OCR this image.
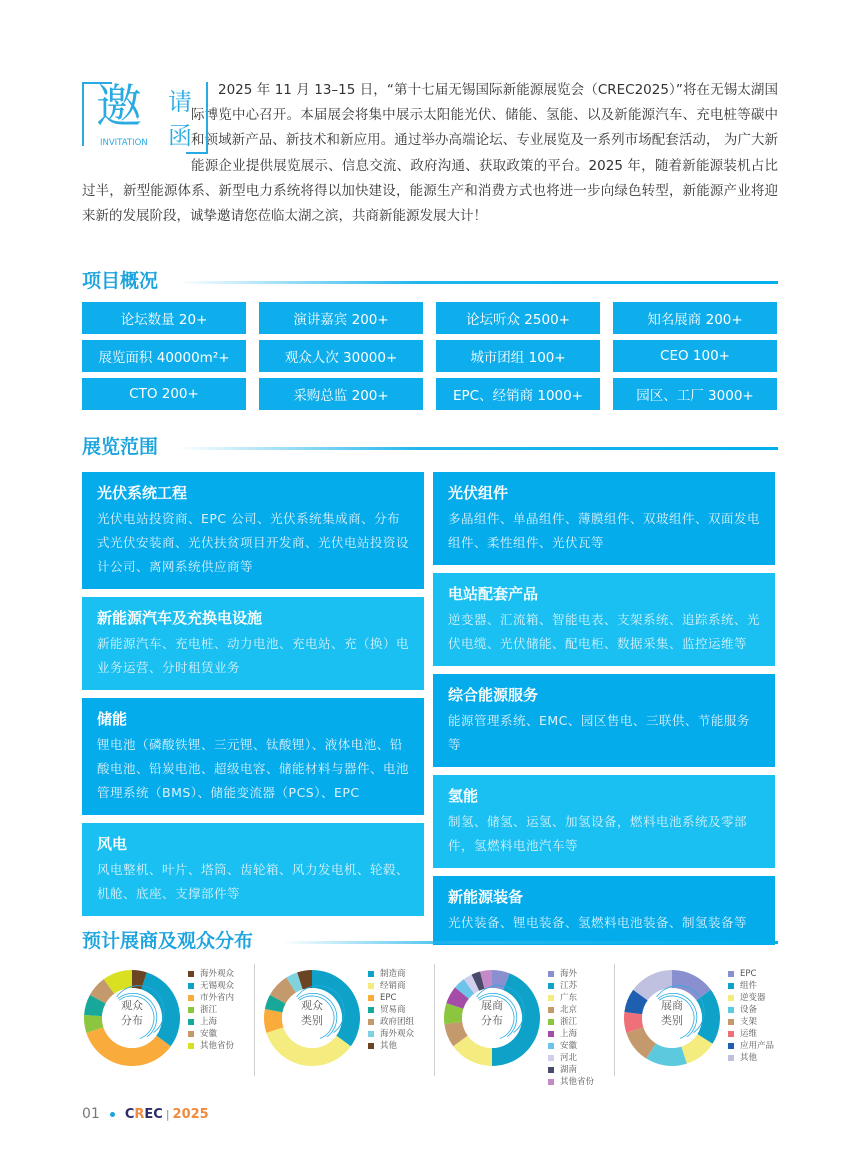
邀 请
函
INVITATION

2025 年 11 月 13–15 日，“第十七届无锡国际新能源展览会（CREC2025）”将在无锡太湖国际博览中心召开。本届展会将集中展示太阳能光伏、储能、氢能、以及新能源汽车、充电桩等碳中和领域新产品、新技术和新应用。通过举办高端论坛、专业展览及一系列市场配套活动， 为广大新能源企业提供展览展示、信息交流、政府沟通、获取政策的平台。2025 年，随着新能源装机占比过半，新型能源体系、新型电力系统将得以加快建设，能源生产和消费方式也将进一步向绿色转型，新能源产业将迎来新的发展阶段，诚挚邀请您莅临太湖之滨，共商新能源发展大计！

项目概况
论坛数量 20+	演讲嘉宾 200+	论坛听众 2500+	知名展商 200+
展览面积 40000m²+	观众人次 30000+	城市团组 100+	CEO 100+
CTO 200+	采购总监 200+	EPC、经销商 1000+	园区、工厂 3000+
展览范围
光伏系统工程
光伏电站投资商、EPC 公司、光伏系统集成商、分布式光伏安装商、光伏扶贫项目开发商、光伏电站投资设计公司、离网系统供应商等
新能源汽车及充换电设施
新能源汽车、充电桩、动力电池、充电站、充（换）电业务运营、分时租赁业务
储能
锂电池（磷酸铁锂、三元锂、钛酸锂）、液体电池、铅酸电池、铅炭电池、超级电容、储能材料与器件、电池管理系统（BMS）、储能变流器（PCS）、EPC
风电
风电整机、叶片、塔筒、齿轮箱、风力发电机、轮毂、机舱、底座、支撑部件等
光伏组件
多晶组件、单晶组件、薄膜组件、双玻组件、双面发电组件、柔性组件、光伏瓦等
电站配套产品
逆变器、汇流箱、智能电表、支架系统、追踪系统、光伏电缆、光伏储能、配电柜、数据采集、监控运维等
综合能源服务
能源管理系统、EMC、园区售电、三联供、节能服务等
氢能
制氢、储氢、运氢、加氢设备，燃料电池系统及零部件，氢燃料电池汽车等
新能源装备
光伏装备、锂电装备、氢燃料电池装备、制氢装备等
预计展商及观众分布
观众
分布
海外观众
无锡观众
市外省内
浙江
上海
安徽
其他省份
观众
类别
制造商
经销商
EPC
贸易商
政府团组
海外观众
其他
展商
分布
海外
江苏
广东
北京
浙江
上海
安徽
河北
湖南
其他省份
展商
类别
EPC
组件
逆变器
设备
支架
运维
应用产品
其他
01 C R EC | 2025
